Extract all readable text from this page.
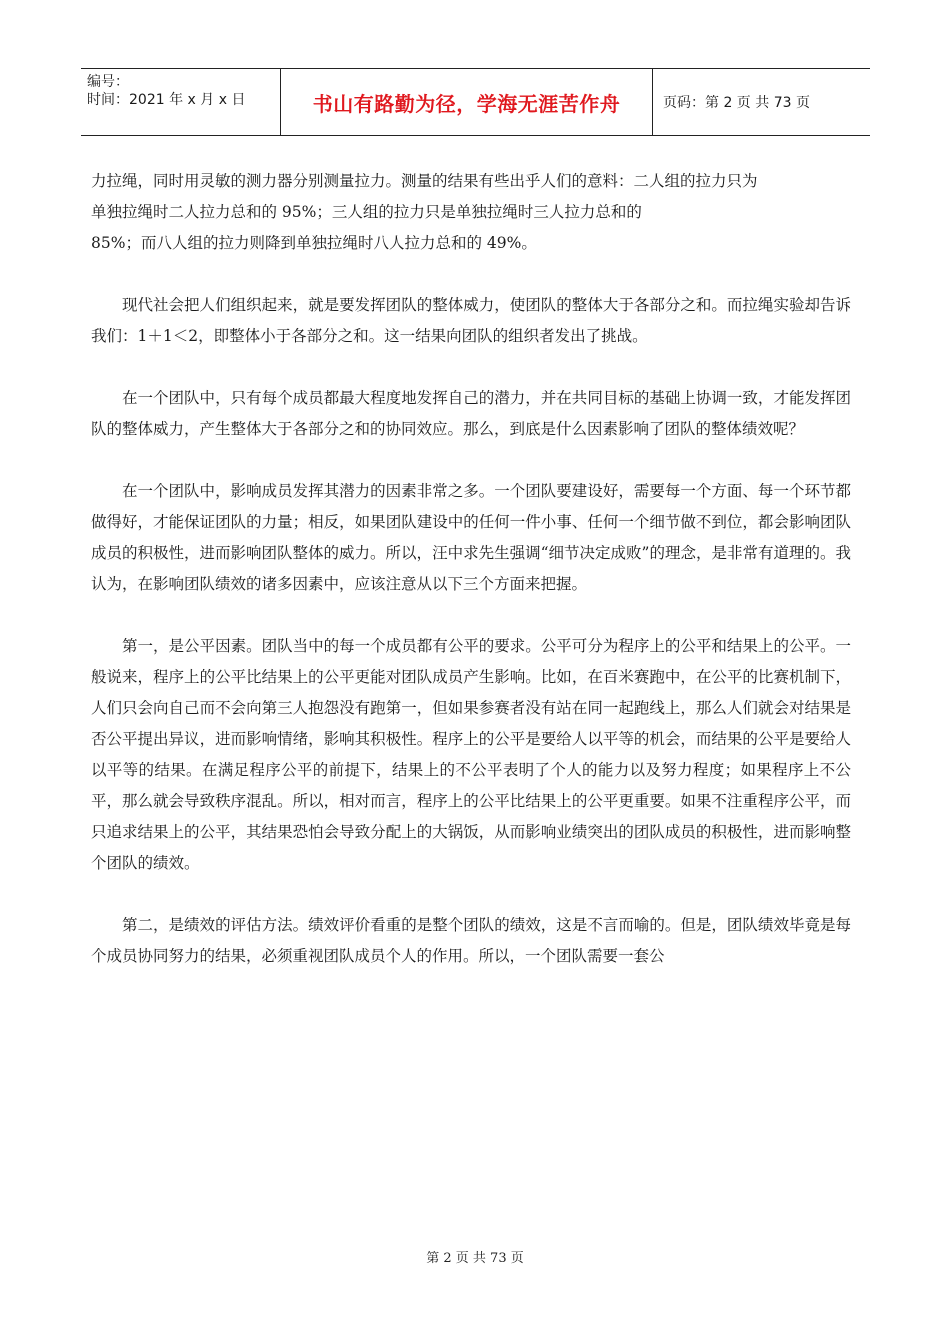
编号：
时间：2021 年 x 月 x 日	书山有路勤为径，学海无涯苦作舟	页码：第 2 页 共 73 页

力拉绳，同时用灵敏的测力器分别测量拉力。测量的结果有些出乎人们的意料：二人组的拉力只为

单独拉绳时二人拉力总和的 95%；三人组的拉力只是单独拉绳时三人拉力总和的

85%；而八人组的拉力则降到单独拉绳时八人拉力总和的 49%。

现代社会把人们组织起来，就是要发挥团队的整体威力，使团队的整体大于各部分之和。而拉绳实验却告诉我们：1＋1＜2，即整体小于各部分之和。这一结果向团队的组织者发出了挑战。

在一个团队中，只有每个成员都最大程度地发挥自己的潜力，并在共同目标的基础上协调一致，才能发挥团队的整体威力，产生整体大于各部分之和的协同效应。那么，到底是什么因素影响了团队的整体绩效呢？

在一个团队中，影响成员发挥其潜力的因素非常之多。一个团队要建设好，需要每一个方面、每一个环节都做得好，才能保证团队的力量；相反，如果团队建设中的任何一件小事、任何一个细节做不到位，都会影响团队成员的积极性，进而影响团队整体的威力。所以，汪中求先生强调“细节决定成败”的理念，是非常有道理的。我认为，在影响团队绩效的诸多因素中，应该注意从以下三个方面来把握。

第一，是公平因素。团队当中的每一个成员都有公平的要求。公平可分为程序上的公平和结果上的公平。一般说来，程序上的公平比结果上的公平更能对团队成员产生影响。比如，在百米赛跑中，在公平的比赛机制下，人们只会向自己而不会向第三人抱怨没有跑第一，但如果参赛者没有站在同一起跑线上，那么人们就会对结果是否公平提出异议，进而影响情绪，影响其积极性。程序上的公平是要给人以平等的机会，而结果的公平是要给人以平等的结果。在满足程序公平的前提下，结果上的不公平表明了个人的能力以及努力程度；如果程序上不公平，那么就会导致秩序混乱。所以，相对而言，程序上的公平比结果上的公平更重要。如果不注重程序公平，而只追求结果上的公平，其结果恐怕会导致分配上的大锅饭，从而影响业绩突出的团队成员的积极性，进而影响整个团队的绩效。

第二，是绩效的评估方法。绩效评价看重的是整个团队的绩效，这是不言而喻的。但是，团队绩效毕竟是每个成员协同努力的结果，必须重视团队成员个人的作用。所以，一个团队需要一套公

第 2 页 共 73 页
